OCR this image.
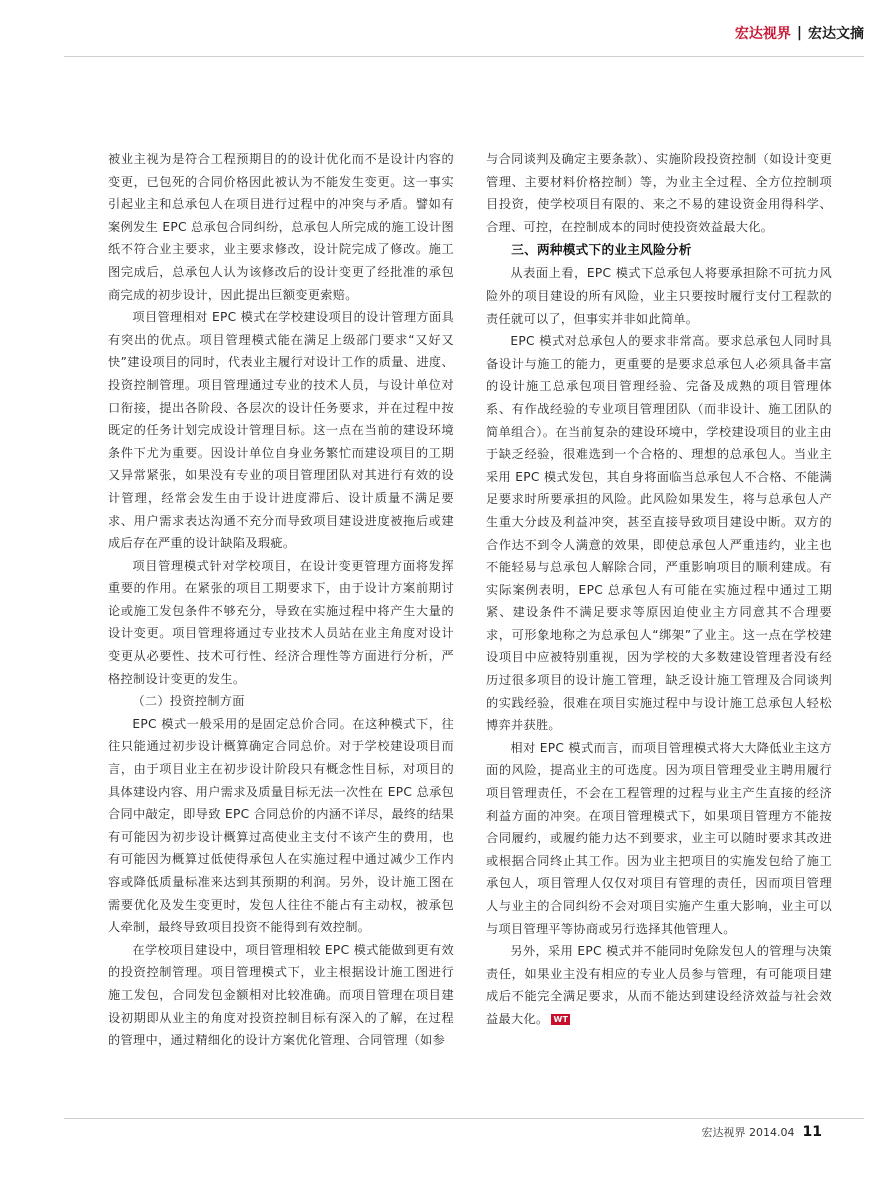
宏达视界 | 宏达文摘

被业主视为是符合工程预期目的的设计优化而不是设计内容的变更，已包死的合同价格因此被认为不能发生变更。这一事实引起业主和总承包人在项目进行过程中的冲突与矛盾。譬如有案例发生 EPC 总承包合同纠纷，总承包人所完成的施工设计图纸不符合业主要求，业主要求修改，设计院完成了修改。施工图完成后，总承包人认为该修改后的设计变更了经批准的承包商完成的初步设计，因此提出巨额变更索赔。

项目管理相对 EPC 模式在学校建设项目的设计管理方面具有突出的优点。项目管理模式能在满足上级部门要求“又好又快”建设项目的同时，代表业主履行对设计工作的质量、进度、投资控制管理。项目管理通过专业的技术人员，与设计单位对口衔接，提出各阶段、各层次的设计任务要求，并在过程中按既定的任务计划完成设计管理目标。这一点在当前的建设环境条件下尤为重要。因设计单位自身业务繁忙而建设项目的工期又异常紧张，如果没有专业的项目管理团队对其进行有效的设计管理，经常会发生由于设计进度滞后、设计质量不满足要求、用户需求表达沟通不充分而导致项目建设进度被拖后或建成后存在严重的设计缺陷及瑕疵。

项目管理模式针对学校项目，在设计变更管理方面将发挥重要的作用。在紧张的项目工期要求下，由于设计方案前期讨论或施工发包条件不够充分，导致在实施过程中将产生大量的设计变更。项目管理将通过专业技术人员站在业主角度对设计变更从必要性、技术可行性、经济合理性等方面进行分析，严格控制设计变更的发生。

（二）投资控制方面

EPC 模式一般采用的是固定总价合同。在这种模式下，往往只能通过初步设计概算确定合同总价。对于学校建设项目而言，由于项目业主在初步设计阶段只有概念性目标，对项目的具体建设内容、用户需求及质量目标无法一次性在 EPC 总承包合同中敲定，即导致 EPC 合同总价的内涵不详尽，最终的结果有可能因为初步设计概算过高使业主支付不该产生的费用，也有可能因为概算过低使得承包人在实施过程中通过减少工作内容或降低质量标准来达到其预期的利润。另外，设计施工图在需要优化及发生变更时，发包人往往不能占有主动权，被承包人牵制，最终导致项目投资不能得到有效控制。

在学校项目建设中，项目管理相较 EPC 模式能做到更有效的投资控制管理。项目管理模式下，业主根据设计施工图进行施工发包，合同发包金额相对比较准确。而项目管理在项目建设初期即从业主的角度对投资控制目标有深入的了解，在过程的管理中，通过精细化的设计方案优化管理、合同管理（如参

与合同谈判及确定主要条款）、实施阶段投资控制（如设计变更管理、主要材料价格控制）等，为业主全过程、全方位控制项目投资，使学校项目有限的、来之不易的建设资金用得科学、合理、可控，在控制成本的同时使投资效益最大化。

三、两种模式下的业主风险分析

从表面上看，EPC 模式下总承包人将要承担除不可抗力风险外的项目建设的所有风险，业主只要按时履行支付工程款的责任就可以了，但事实并非如此简单。

EPC 模式对总承包人的要求非常高。要求总承包人同时具备设计与施工的能力，更重要的是要求总承包人必须具备丰富的设计施工总承包项目管理经验、完备及成熟的项目管理体系、有作战经验的专业项目管理团队（而非设计、施工团队的简单组合）。在当前复杂的建设环境中，学校建设项目的业主由于缺乏经验，很难选到一个合格的、理想的总承包人。当业主采用 EPC 模式发包，其自身将面临当总承包人不合格、不能满足要求时所要承担的风险。此风险如果发生，将与总承包人产生重大分歧及利益冲突，甚至直接导致项目建设中断。双方的合作达不到令人满意的效果，即使总承包人严重违约，业主也不能轻易与总承包人解除合同，严重影响项目的顺利建成。有实际案例表明，EPC 总承包人有可能在实施过程中通过工期紧、建设条件不满足要求等原因迫使业主方同意其不合理要求，可形象地称之为总承包人“绑架”了业主。这一点在学校建设项目中应被特别重视，因为学校的大多数建设管理者没有经历过很多项目的设计施工管理，缺乏设计施工管理及合同谈判的实践经验，很难在项目实施过程中与设计施工总承包人轻松博弈并获胜。

相对 EPC 模式而言，而项目管理模式将大大降低业主这方面的风险，提高业主的可选度。因为项目管理受业主聘用履行项目管理责任，不会在工程管理的过程与业主产生直接的经济利益方面的冲突。在项目管理模式下，如果项目管理方不能按合同履约，或履约能力达不到要求，业主可以随时要求其改进或根据合同终止其工作。因为业主把项目的实施发包给了施工承包人，项目管理人仅仅对项目有管理的责任，因而项目管理人与业主的合同纠纷不会对项目实施产生重大影响，业主可以与项目管理平等协商或另行选择其他管理人。

另外，采用 EPC 模式并不能同时免除发包人的管理与决策责任，如果业主没有相应的专业人员参与管理，有可能项目建成后不能完全满足要求，从而不能达到建设经济效益与社会效益最大化。 WT

宏达视界 2014.04 11
